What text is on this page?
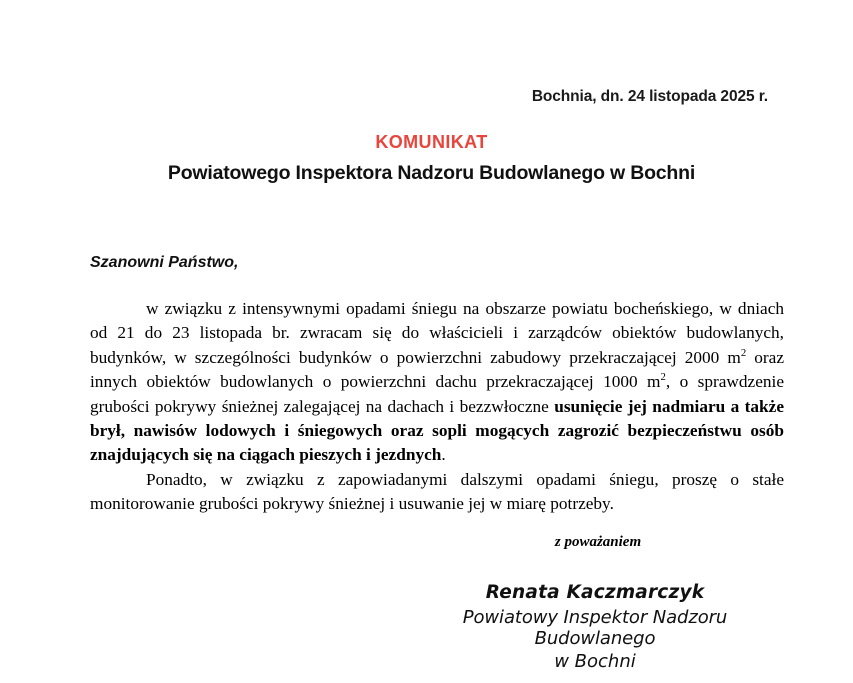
Bochnia, dn. 24 listopada 2025 r.
KOMUNIKAT
Powiatowego Inspektora Nadzoru Budowlanego w Bochni
Szanowni Państwo,

w związku z intensywnymi opadami śniegu na obszarze powiatu bocheńskiego, w dniach od 21 do 23 listopada br. zwracam się do właścicieli i zarządców obiektów budowlanych, budynków, w szczególności budynków o powierzchni zabudowy przekraczającej 2000 $m^2$ oraz innych obiektów budowlanych o powierzchni dachu przekraczającej 1000 $m^2$, o sprawdzenie grubości pokrywy śnieżnej zalegającej na dachach i bezzwłoczne usunięcie jej nadmiaru a także brył, nawisów lodowych i śniegowych oraz sopli mogących zagrozić bezpieczeństwu osób znajdujących się na ciągach pieszych i jezdnych.

Ponadto, w związku z zapowiadanymi dalszymi opadami śniegu, proszę o stałe monitorowanie grubości pokrywy śnieżnej i usuwanie jej w miarę potrzeby.

z poważaniem
Renata Kaczmarczyk
Powiatowy Inspektor Nadzoru Budowlanego
w Bochni
